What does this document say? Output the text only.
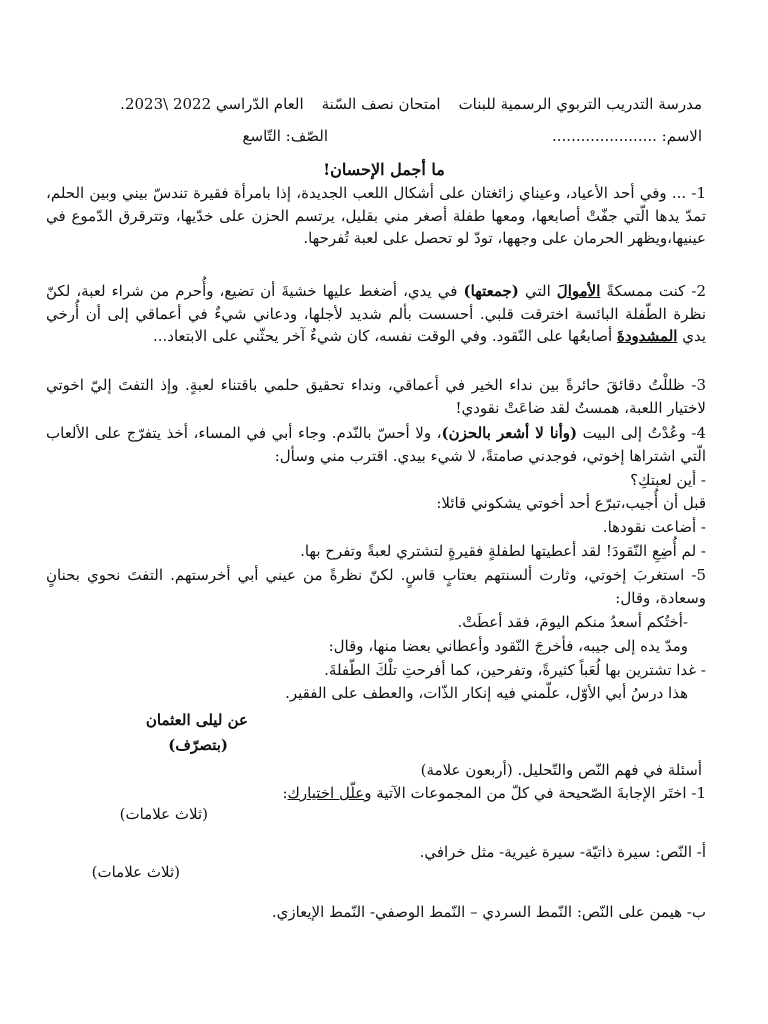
مدرسة التدريب التربوي الرسمية للبناتامتحان نصف السّنةالعام الدّراسي 2022 \2023.
الاسم: ......................
الصّف: التّاسع
ما أجمل الإحسان!
1- ... وفي أحد الأعياد، وعيناي زائغتان على أشكال اللعب الجديدة، إذا بامرأة فقيرة تندسّ بيني وبين الحلم، تمدّ يدها الّتي جفّتْ أصابعها، ومعها طفلة أصغر مني بقليل، يرتسم الحزن على خدّيها، وتترقرق الدّموع في عينيها،ويظهر الحرمان على وجهها، تودّ لو تحصل على لعبة تُفرحها.
2- كنت ممسكةً الأموالَ التي (جمعتها) في يدي، أضغط عليها خشيةَ أن تضيع، وأُحرم من شراء لعبة، لكنّ نظرة الطّفلة البائسة اخترقت قلبي. أحسست بألم شديد لأجلها، ودعاني شيءٌ في أعماقي إلى أن أُرخي يدي المشدودةَ أصابعُها على النّقود. وفي الوقت نفسه، كان شيءٌ آخر يحثّني على الابتعاد...
3- ظللْتُ دقائقَ حائرةً بين نداء الخير في أعماقي، ونداء تحقيق حلمي باقتناء لعبةٍ. وإذ التفتَ إليّ اخوتي لاختيار اللعبة، همستُ لقد ضاعَتْ نقودي!
4- وعُدْتُ إلى البيت (وأنا لا أشعر بالحزن)، ولا أحسّ بالنّدم. وجاء أبي في المساء، أخذ يتفرّج على الألعاب الّتي اشتراها إخوتي، فوجدني صامتةً، لا شيء بيدي. اقترب مني وسأل:
- أين لعبتكِ؟
قبل أن أُجيب،تبرّع أحد أخوتي يشكوني قائلا:
- أضاعت نقودها.
- لم أُضِعِ النّقودَ! لقد أعطيتها لطفلةٍ فقيرةٍ لتشتري لعبةً وتفرح بها.
5- استغربَ إخوتي، وثارت ألسنتهم بعتابٍ قاسٍ. لكنّ نظرةً من عيني أبي أخرستهم. التفتَ نحوي بحنانٍ وسعادة، وقال:
-أختُكم أسعدُ منكم اليومَ، فقد أعطَتْ.
ومدّ يده إلى جيبه، فأخرجَ النّقود وأعطاني بعضا منها، وقال:
- غدا تشترين بها لُعَباً كثيرةً، وتفرحين، كما أفرحتِ تلْكَ الطّفلةَ.
هذا درسُ أبي الأوّل، علّمني فيه إنكار الذّات، والعطف على الفقير.
عن ليلى العثمان
(بتصرّف)
أسئلة في فهم النّص والتّحليل. (أربعون علامة)
1- اختَر الإجابةَ الصّحيحة في كلّ من المجموعات الآتية وعلّل اختيارك:
(ثلاث علامات)
أ- النّص: سيرة ذاتيّة- سيرة غيرية- مثل خرافي.
(ثلاث علامات)
ب- هيمن على النّص: النّمط السردي – النّمط الوصفي- النّمط الإيعازي.
